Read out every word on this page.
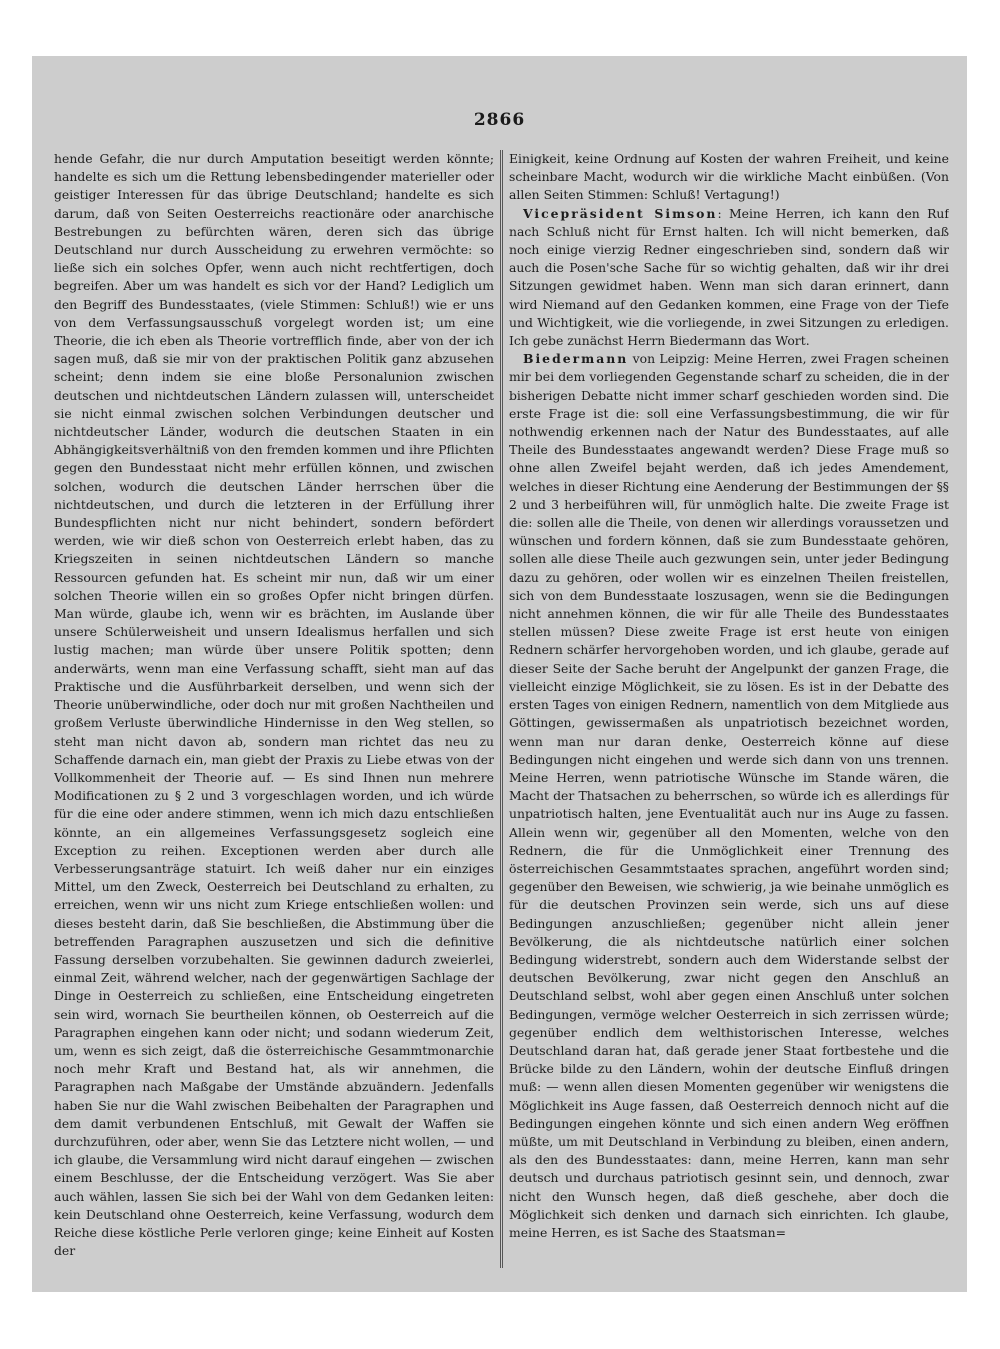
2866

hende Gefahr, die nur durch Amputation beseitigt werden könnte; handelte es sich um die Rettung lebensbedingender materieller oder geistiger Interessen für das übrige Deutschland; handelte es sich darum, daß von Seiten Oesterreichs reactionäre oder anarchische Bestrebungen zu befürchten wären, deren sich das übrige Deutschland nur durch Ausscheidung zu erwehren vermöchte: so ließe sich ein solches Opfer, wenn auch nicht rechtfertigen, doch begreifen. Aber um was handelt es sich vor der Hand? Lediglich um den Begriff des Bundesstaates, (viele Stimmen: Schluß!) wie er uns von dem Verfassungsausschuß vorgelegt worden ist; um eine Theorie, die ich eben als Theorie vortrefflich finde, aber von der ich sagen muß, daß sie mir von der praktischen Politik ganz abzusehen scheint; denn indem sie eine bloße Personalunion zwischen deutschen und nichtdeutschen Ländern zulassen will, unterscheidet sie nicht einmal zwischen solchen Verbindungen deutscher und nichtdeutscher Länder, wodurch die deutschen Staaten in ein Abhängigkeitsverhältniß von den fremden kommen und ihre Pflichten gegen den Bundesstaat nicht mehr erfüllen können, und zwischen solchen, wodurch die deutschen Länder herrschen über die nichtdeutschen, und durch die letzteren in der Erfüllung ihrer Bundespflichten nicht nur nicht behindert, sondern befördert werden, wie wir dieß schon von Oesterreich erlebt haben, das zu Kriegszeiten in seinen nichtdeutschen Ländern so manche Ressourcen gefunden hat. Es scheint mir nun, daß wir um einer solchen Theorie willen ein so großes Opfer nicht bringen dürfen. Man würde, glaube ich, wenn wir es brächten, im Auslande über unsere Schülerweisheit und unsern Idealismus herfallen und sich lustig machen; man würde über unsere Politik spotten; denn anderwärts, wenn man eine Verfassung schafft, sieht man auf das Praktische und die Ausführbarkeit derselben, und wenn sich der Theorie unüberwindliche, oder doch nur mit großen Nachtheilen und großem Verluste überwindliche Hindernisse in den Weg stellen, so steht man nicht davon ab, sondern man richtet das neu zu Schaffende darnach ein, man giebt der Praxis zu Liebe etwas von der Vollkommenheit der Theorie auf. — Es sind Ihnen nun mehrere Modificationen zu § 2 und 3 vorgeschlagen worden, und ich würde für die eine oder andere stimmen, wenn ich mich dazu entschließen könnte, an ein allgemeines Verfassungsgesetz sogleich eine Exception zu reihen. Exceptionen werden aber durch alle Verbesserungsanträge statuirt. Ich weiß daher nur ein einziges Mittel, um den Zweck, Oesterreich bei Deutschland zu erhalten, zu erreichen, wenn wir uns nicht zum Kriege entschließen wollen: und dieses besteht darin, daß Sie beschließen, die Abstimmung über die betreffenden Paragraphen auszusetzen und sich die definitive Fassung derselben vorzubehalten. Sie gewinnen dadurch zweierlei, einmal Zeit, während welcher, nach der gegenwärtigen Sachlage der Dinge in Oesterreich zu schließen, eine Entscheidung eingetreten sein wird, wornach Sie beurtheilen können, ob Oesterreich auf die Paragraphen eingehen kann oder nicht; und sodann wiederum Zeit, um, wenn es sich zeigt, daß die österreichische Gesammtmonarchie noch mehr Kraft und Bestand hat, als wir annehmen, die Paragraphen nach Maßgabe der Umstände abzuändern. Jedenfalls haben Sie nur die Wahl zwischen Beibehalten der Paragraphen und dem damit verbundenen Entschluß, mit Gewalt der Waffen sie durchzuführen, oder aber, wenn Sie das Letztere nicht wollen, — und ich glaube, die Versammlung wird nicht darauf eingehen — zwischen einem Beschlusse, der die Entscheidung verzögert. Was Sie aber auch wählen, lassen Sie sich bei der Wahl von dem Gedanken leiten: kein Deutschland ohne Oesterreich, keine Verfassung, wodurch dem Reiche diese köstliche Perle verloren ginge; keine Einheit auf Kosten der

Einigkeit, keine Ordnung auf Kosten der wahren Freiheit, und keine scheinbare Macht, wodurch wir die wirkliche Macht einbüßen. (Von allen Seiten Stimmen: Schluß! Vertagung!)

Vicepräsident Simson: Meine Herren, ich kann den Ruf nach Schluß nicht für Ernst halten. Ich will nicht bemerken, daß noch einige vierzig Redner eingeschrieben sind, sondern daß wir auch die Posen'sche Sache für so wichtig gehalten, daß wir ihr drei Sitzungen gewidmet haben. Wenn man sich daran erinnert, dann wird Niemand auf den Gedanken kommen, eine Frage von der Tiefe und Wichtigkeit, wie die vorliegende, in zwei Sitzungen zu erledigen. Ich gebe zunächst Herrn Biedermann das Wort.

Biedermann von Leipzig: Meine Herren, zwei Fragen scheinen mir bei dem vorliegenden Gegenstande scharf zu scheiden, die in der bisherigen Debatte nicht immer scharf geschieden worden sind. Die erste Frage ist die: soll eine Verfassungsbestimmung, die wir für nothwendig erkennen nach der Natur des Bundesstaates, auf alle Theile des Bundesstaates angewandt werden? Diese Frage muß so ohne allen Zweifel bejaht werden, daß ich jedes Amendement, welches in dieser Richtung eine Aenderung der Bestimmungen der §§ 2 und 3 herbeiführen will, für unmöglich halte. Die zweite Frage ist die: sollen alle die Theile, von denen wir allerdings voraussetzen und wünschen und fordern können, daß sie zum Bundesstaate gehören, sollen alle diese Theile auch gezwungen sein, unter jeder Bedingung dazu zu gehören, oder wollen wir es einzelnen Theilen freistellen, sich von dem Bundesstaate loszusagen, wenn sie die Bedingungen nicht annehmen können, die wir für alle Theile des Bundesstaates stellen müssen? Diese zweite Frage ist erst heute von einigen Rednern schärfer hervorgehoben worden, und ich glaube, gerade auf dieser Seite der Sache beruht der Angelpunkt der ganzen Frage, die vielleicht einzige Möglichkeit, sie zu lösen. Es ist in der Debatte des ersten Tages von einigen Rednern, namentlich von dem Mitgliede aus Göttingen, gewissermaßen als unpatriotisch bezeichnet worden, wenn man nur daran denke, Oesterreich könne auf diese Bedingungen nicht eingehen und werde sich dann von uns trennen. Meine Herren, wenn patriotische Wünsche im Stande wären, die Macht der Thatsachen zu beherrschen, so würde ich es allerdings für unpatriotisch halten, jene Eventualität auch nur ins Auge zu fassen. Allein wenn wir, gegenüber all den Momenten, welche von den Rednern, die für die Unmöglichkeit einer Trennung des österreichischen Gesammtstaates sprachen, angeführt worden sind; gegenüber den Beweisen, wie schwierig, ja wie beinahe unmöglich es für die deutschen Provinzen sein werde, sich uns auf diese Bedingungen anzuschließen; gegenüber nicht allein jener Bevölkerung, die als nichtdeutsche natürlich einer solchen Bedingung widerstrebt, sondern auch dem Widerstande selbst der deutschen Bevölkerung, zwar nicht gegen den Anschluß an Deutschland selbst, wohl aber gegen einen Anschluß unter solchen Bedingungen, vermöge welcher Oesterreich in sich zerrissen würde; gegenüber endlich dem welthistorischen Interesse, welches Deutschland daran hat, daß gerade jener Staat fortbestehe und die Brücke bilde zu den Ländern, wohin der deutsche Einfluß dringen muß: — wenn allen diesen Momenten gegenüber wir wenigstens die Möglichkeit ins Auge fassen, daß Oesterreich dennoch nicht auf die Bedingungen eingehen könnte und sich einen andern Weg eröffnen müßte, um mit Deutschland in Verbindung zu bleiben, einen andern, als den des Bundesstaates: dann, meine Herren, kann man sehr deutsch und durchaus patriotisch gesinnt sein, und dennoch, zwar nicht den Wunsch hegen, daß dieß geschehe, aber doch die Möglichkeit sich denken und darnach sich einrichten. Ich glaube, meine Herren, es ist Sache des Staatsman=
